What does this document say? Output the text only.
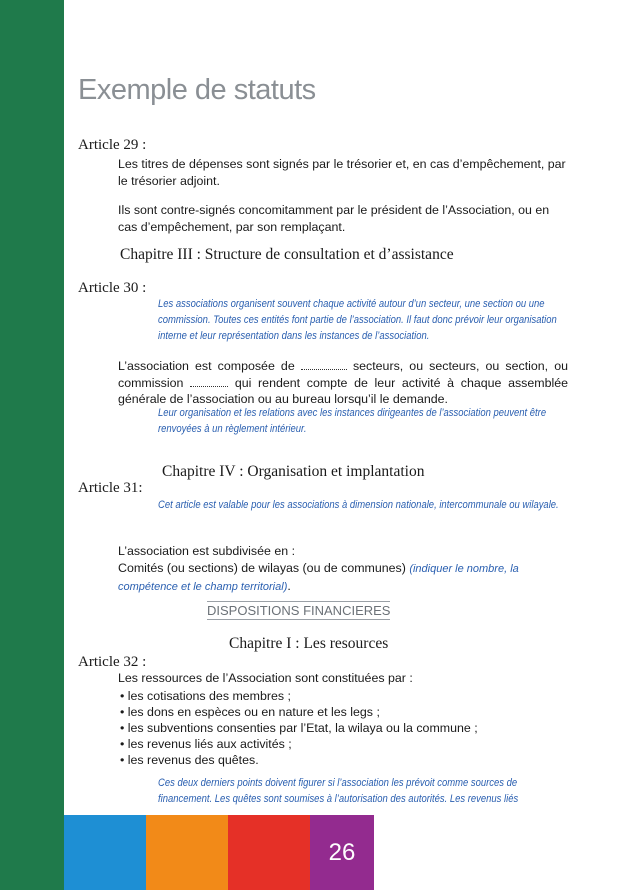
Exemple de statuts
Article 29 :
Les titres de dépenses sont signés par le trésorier et, en cas d’empêchement, par le trésorier adjoint.
Ils sont contre-signés concomitamment par le président de l’Association, ou en cas d’empêchement, par son remplaçant.
Chapitre III : Structure de consultation et d’assistance
Article 30 :
Les associations organisent souvent chaque activité autour d’un secteur, une section ou une commission. Toutes ces entités font partie de l’association. Il faut donc prévoir leur organisation interne et leur représentation dans les instances de l’association.
L’association est composée de	secteurs, ou secteurs, ou section, ou commission	qui rendent compte de leur activité à chaque assemblée générale de l’association ou au bureau lorsqu’il le demande.
Leur organisation et les relations avec les instances dirigeantes de l’association peuvent être renvoyées à un règlement intérieur.
Chapitre IV : Organisation et implantation
Article 31:
Cet article est valable pour les associations à dimension nationale, intercommunale ou wilayale.
L’association est subdivisée en :
Comités (ou sections) de wilayas (ou de communes) (indiquer le nombre, la compétence et le champ territorial).
DISPOSITIONS FINANCIERES
Chapitre I : Les resources
Article 32 :
Les ressources de l’Association sont constituées par :
• les cotisations des membres ;
• les dons en espèces ou en nature et les legs ;
• les subventions consenties par l’Etat, la wilaya ou la commune ;
• les revenus liés aux activités ;
• les revenus des quêtes.
Ces deux derniers points doivent figurer si l’association les prévoit comme sources de financement. Les quêtes sont soumises à l’autorisation des autorités. Les revenus liés
26
